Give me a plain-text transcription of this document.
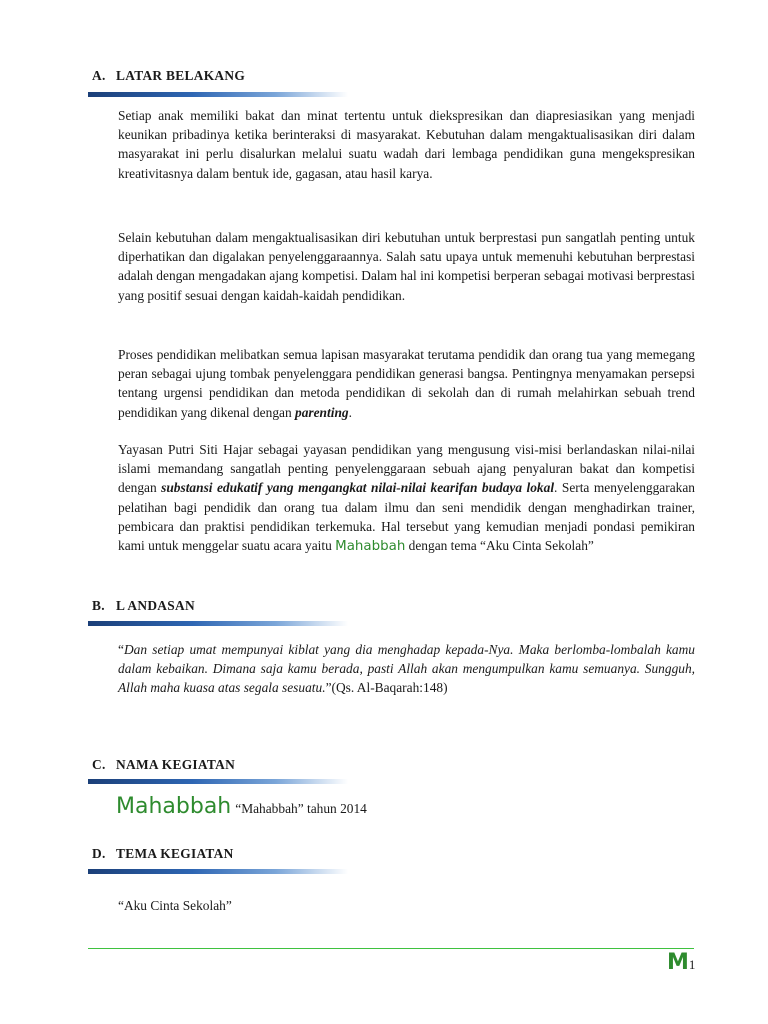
A. LATAR BELAKANG

Setiap anak memiliki bakat dan minat tertentu untuk diekspresikan dan diapresiasikan yang menjadi keunikan pribadinya ketika berinteraksi di masyarakat. Kebutuhan dalam mengaktualisasikan diri dalam masyarakat ini perlu disalurkan melalui suatu wadah dari lembaga pendidikan guna mengekspresikan kreativitasnya dalam bentuk ide, gagasan, atau hasil karya.

Selain kebutuhan dalam mengaktualisasikan diri kebutuhan untuk berprestasi pun sangatlah penting untuk diperhatikan dan digalakan penyelenggaraannya. Salah satu upaya untuk memenuhi kebutuhan berprestasi adalah dengan mengadakan ajang kompetisi. Dalam hal ini kompetisi berperan sebagai motivasi berprestasi yang positif sesuai dengan kaidah-kaidah pendidikan.

Proses pendidikan melibatkan semua lapisan masyarakat terutama pendidik dan orang tua yang memegang peran sebagai ujung tombak penyelenggara pendidikan generasi bangsa. Pentingnya menyamakan persepsi tentang urgensi pendidikan dan metoda pendidikan di sekolah dan di rumah melahirkan sebuah trend pendidikan yang dikenal dengan parenting.

Yayasan Putri Siti Hajar sebagai yayasan pendidikan yang mengusung visi-misi berlandaskan nilai-nilai islami memandang sangatlah penting penyelenggaraan sebuah ajang penyaluran bakat dan kompetisi dengan substansi edukatif yang mengangkat nilai-nilai kearifan budaya lokal. Serta menyelenggarakan pelatihan bagi pendidik dan orang tua dalam ilmu dan seni mendidik dengan menghadirkan trainer, pembicara dan praktisi pendidikan terkemuka. Hal tersebut yang kemudian menjadi pondasi pemikiran kami untuk menggelar suatu acara yaitu Mahabbah dengan tema “Aku Cinta Sekolah”

B. L ANDASAN

“Dan setiap umat mempunyai kiblat yang dia menghadap kepada-Nya. Maka berlomba-lombalah kamu dalam kebaikan. Dimana saja kamu berada, pasti Allah akan mengumpulkan kamu semuanya. Sungguh, Allah maha kuasa atas segala sesuatu.”(Qs. Al-Baqarah:148)

C. NAMA KEGIATAN
Mahabbah “Mahabbah” tahun 2014
D. TEMA KEGIATAN

“Aku Cinta Sekolah”

M1
